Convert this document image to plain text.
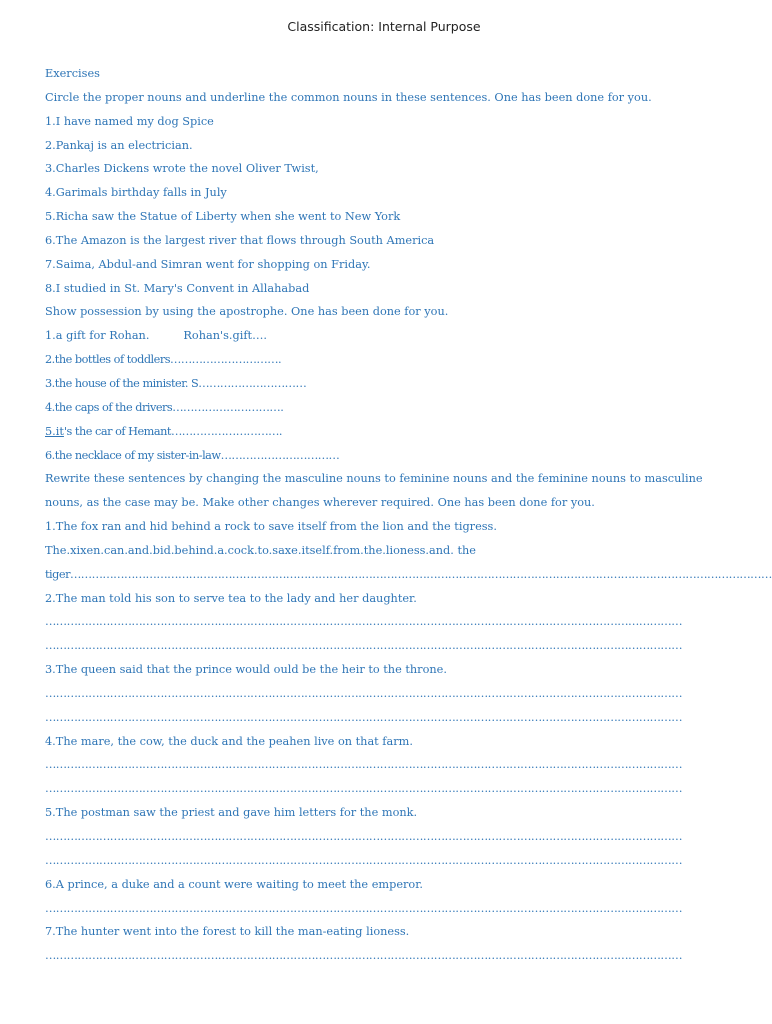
Classification: Internal Purpose
Exercises
Circle the proper nouns and underline the common nouns in these sentences. One has been done for you.
1.I have named my dog Spice
2.Pankaj is an electrician.
3.Charles Dickens wrote the novel Oliver Twist,
4.Garimals birthday falls in July
5.Richa saw the Statue of Liberty when she went to New York
6.The Amazon is the largest river that flows through South America
7.Saima, Abdul-and Simran went for shopping on Friday.
8.I studied in St. Mary's Convent in Allahabad
Show possession by using the apostrophe. One has been done for you.
1.a gift for Rohan.	Rohan's.gift….
2.the bottles of toddlers………………………….
3.the house of the minister. S…………………………
4.the caps of the drivers………………………….
5.it's the car of Hemant………………………….
6.the necklace of my sister-in-law……………………………
Rewrite these sentences by changing the masculine nouns to feminine nouns and the feminine nouns to masculine
nouns, as the case may be. Make other changes wherever required. One has been done for you.
1.The fox ran and hid behind a rock to save itself from the lion and the tigress.
The.xixen.can.and.bid.behind.a.cock.to.saxe.itself.from.the.lioness.and. the
tiger……………………………………………………………………………………………………………………………………………………………………………
2.The man told his son to serve tea to the lady and her daughter.
……………………………………………………………………………………………………………………………………………………………
……………………………………………………………………………………………………………………………………………………………
3.The queen said that the prince would ould be the heir to the throne.
……………………………………………………………………………………………………………………………………………………………
……………………………………………………………………………………………………………………………………………………………
4.The mare, the cow, the duck and the peahen live on that farm.
……………………………………………………………………………………………………………………………………………………………
……………………………………………………………………………………………………………………………………………………………
5.The postman saw the priest and gave him letters for the monk.
……………………………………………………………………………………………………………………………………………………………
……………………………………………………………………………………………………………………………………………………………
6.A prince, a duke and a count were waiting to meet the emperor.
……………………………………………………………………………………………………………………………………………………………
7.The hunter went into the forest to kill the man-eating lioness.
……………………………………………………………………………………………………………………………………………………………
